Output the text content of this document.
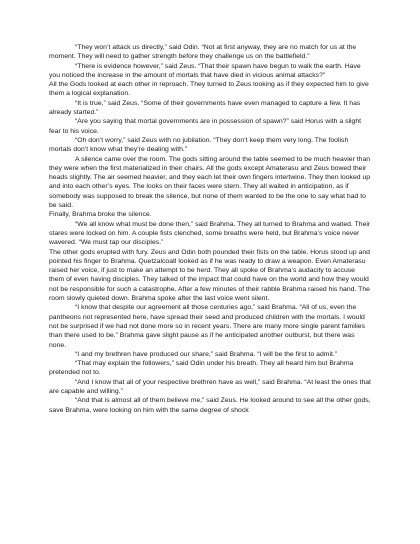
“They won’t attack us directly,” said Odin. “Not at first anyway, they are no match for us at the moment. They will need to gather strength before they challenge us on the battlefield.”

“There is evidence however,” said Zeus. “That their spawn have begun to walk the earth. Have you noticed the increase in the amount of mortals that have died in vicious animal attacks?”

All the Gods looked at each other in reproach. They turned to Zeus looking as if they expected him to give them a logical explanation.

“It is true,” said Zeus. “Some of their governments have even managed to capture a few. It has already started.”

“Are you saying that mortal governments are in possession of spawn?” said Horus with a slight fear to his voice.

“Oh don’t worry,” said Zeus with no jubilation. “They don’t keep them very long. The foolish mortals don’t know what they’re dealing with.”

A silence came over the room. The gods sitting around the table seemed to be much heavier than they were when the first materialized in their chairs. All the gods except Amaterasu and Zeus bowed their heads slightly. The air seemed heavier, and they each let their own fingers intertwine. They then looked up and into each other’s eyes. The looks on their faces were stern. They all waited in anticipation, as if somebody was supposed to break the silence, but none of them wanted to be the one to say what had to be said.

Finally, Brahma broke the silence.

“We all know what must be done then,” said Brahma. They all turned to Brahma and waited. Their stares were locked on him. A couple fists clenched, some breaths were held, but Brahma’s voice never wavered. “We must tap our disciples.”

The other gods erupted with fury. Zeus and Odin both pounded their fists on the table. Horus stood up and pointed his finger to Brahma. Quetzalcoatl looked as if he was ready to draw a weapon. Even Amaterasu raised her voice, if just to make an attempt to be herd. They all spoke of Brahma’s audacity to accuse them of even having disciples. They talked of the impact that could have on the world and how they would not be responsible for such a catastrophe. After a few minutes of their rabble Brahma raised his hand. The room slowly quieted down. Brahma spoke after the last voice went silent.

“I know that despite our agreement all those centuries ago,” said Brahma. “All of us, even the pantheons not represented here, have spread their seed and produced children with the mortals. I would not be surprised if we had not done more so in recent years. There are many more single parent families than there used to be.” Brahma gave slight pause as if he anticipated another outburst, but there was none.

“I and my brethren have produced our share,” said Brahma. “I will be the first to admit.”

“That may explain the followers,” said Odin under his breath. They all heard him but Brahma pretended not to.

“And I know that all of your respective brethren have as well,” said Brahma. “At least the ones that are capable and willing.”

“And that is almost all of them believe me,” said Zeus. He looked around to see all the other gods, save Brahma, were looking on him with the same degree of shock
